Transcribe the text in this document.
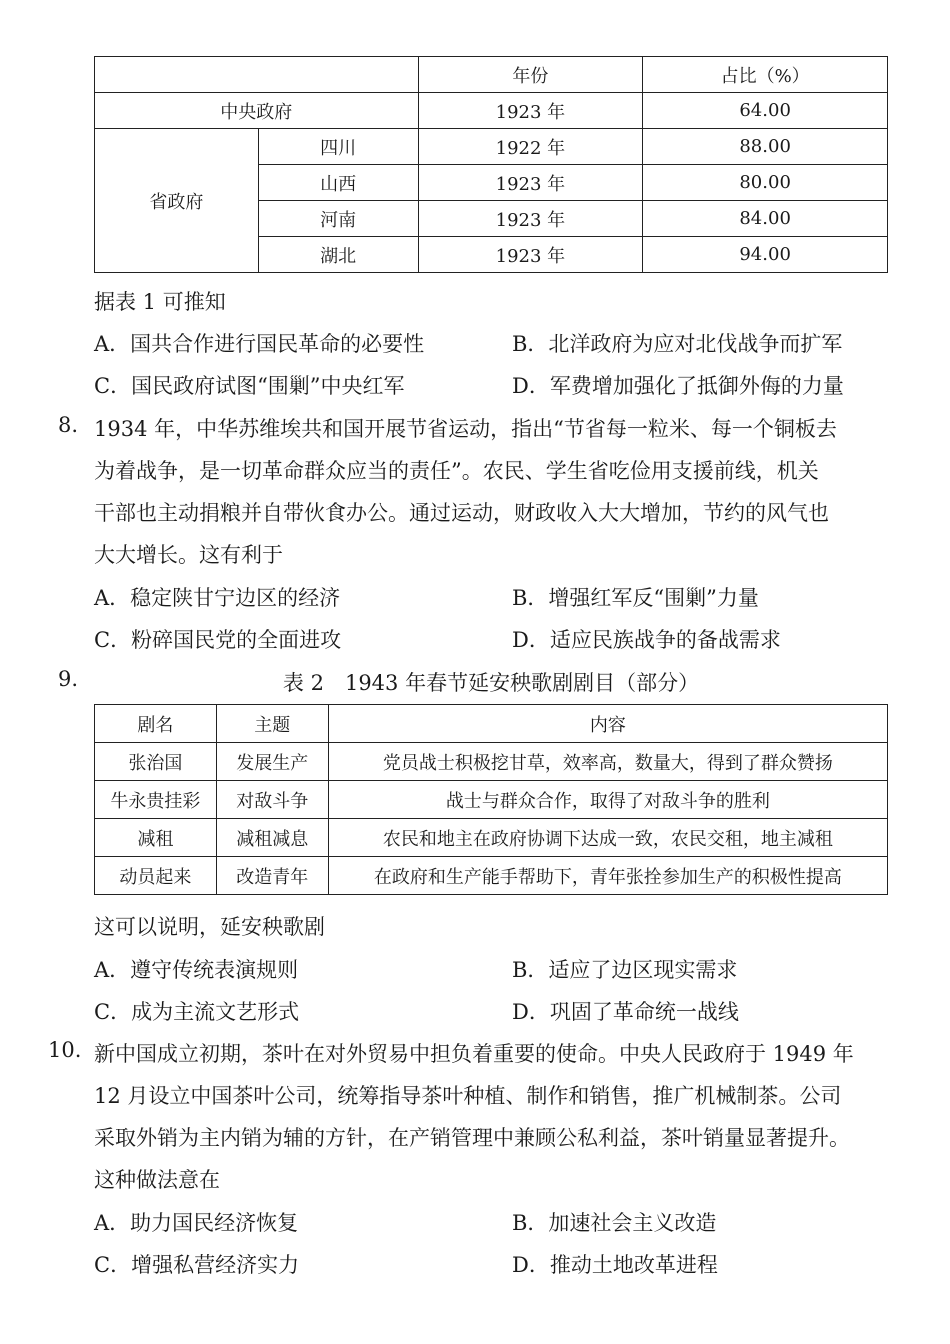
		年份	占比（%）
中央政府		1923 年	64.00
省政府	四川	1922 年	88.00
	山西	1923 年	80.00
	河南	1923 年	84.00
	湖北	1923 年	94.00
据表 1 可推知
A．国共合作进行国民革命的必要性	B．北洋政府为应对北伐战争而扩军
C．国民政府试图“围剿”中央红军	D．军费增加强化了抵御外侮的力量
8. 1934 年，中华苏维埃共和国开展节省运动，指出“节省每一粒米、每一个铜板去
为着战争，是一切革命群众应当的责任”。农民、学生省吃俭用支援前线，机关
干部也主动捐粮并自带伙食办公。通过运动，财政收入大大增加，节约的风气也
大大增长。这有利于
A．稳定陕甘宁边区的经济	B．增强红军反“围剿”力量
C．粉碎国民党的全面进攻	D．适应民族战争的备战需求
9.	表 2　1943 年春节延安秧歌剧剧目（部分）
剧名	主题	内容
张治国	发展生产	党员战士积极挖甘草，效率高，数量大，得到了群众赞扬
牛永贵挂彩	对敌斗争	战士与群众合作，取得了对敌斗争的胜利
减租	减租减息	农民和地主在政府协调下达成一致，农民交租，地主减租
动员起来	改造青年	在政府和生产能手帮助下，青年张拴参加生产的积极性提高
这可以说明，延安秧歌剧
A．遵守传统表演规则	B．适应了边区现实需求
C．成为主流文艺形式	D．巩固了革命统一战线
10. 新中国成立初期，茶叶在对外贸易中担负着重要的使命。中央人民政府于 1949 年
12 月设立中国茶叶公司，统筹指导茶叶种植、制作和销售，推广机械制茶。公司
采取外销为主内销为辅的方针，在产销管理中兼顾公私利益，茶叶销量显著提升。
这种做法意在
A．助力国民经济恢复	B．加速社会主义改造
C．增强私营经济实力	D．推动土地改革进程
